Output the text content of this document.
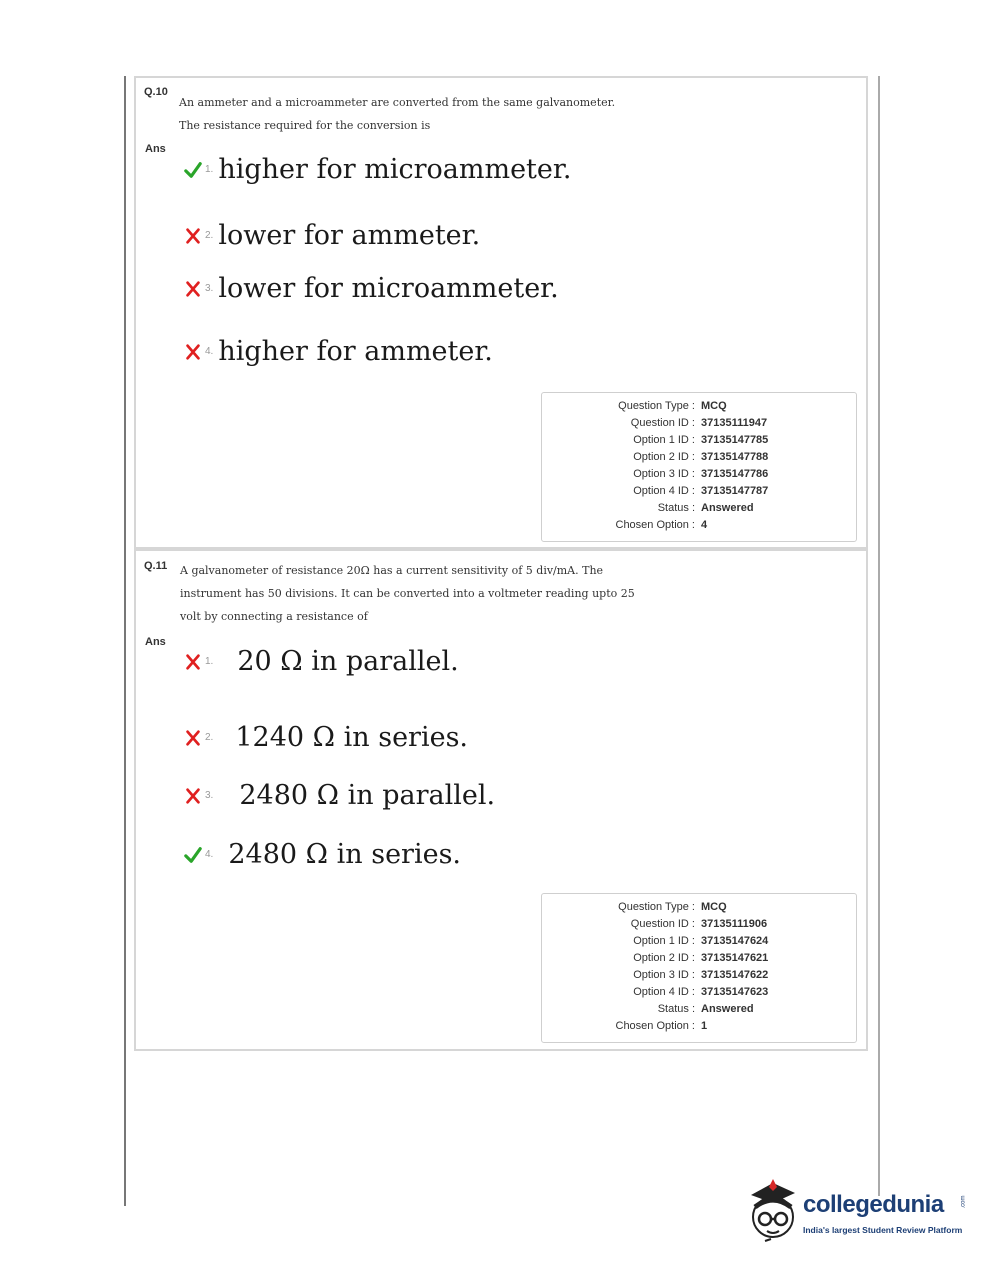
Q.10
An ammeter and a microammeter are converted from the same galvanometer.
The resistance required for the conversion is
Ans
1. higher for microammeter.
2. lower for ammeter.
3. lower for microammeter.
4. higher for ammeter.
Question Type : MCQ
Question ID : 37135111947
Option 1 ID : 37135147785
Option 2 ID : 37135147788
Option 3 ID : 37135147786
Option 4 ID : 37135147787
Status : Answered
Chosen Option : 4
Q.11 A galvanometer of resistance 20Ω has a current sensitivity of 5 div/mA. The
instrument has 50 divisions. It can be converted into a voltmeter reading upto 25
volt by connecting a resistance of
Ans
1. 20 Ω in parallel.
2. 1240 Ω in series.
3. 2480 Ω in parallel.
4. 2480 Ω in series.
Question Type : MCQ
Question ID : 37135111906
Option 1 ID : 37135147624
Option 2 ID : 37135147621
Option 3 ID : 37135147622
Option 4 ID : 37135147623
Status : Answered
Chosen Option : 1
collegedunia	.com
India's largest Student Review Platform
